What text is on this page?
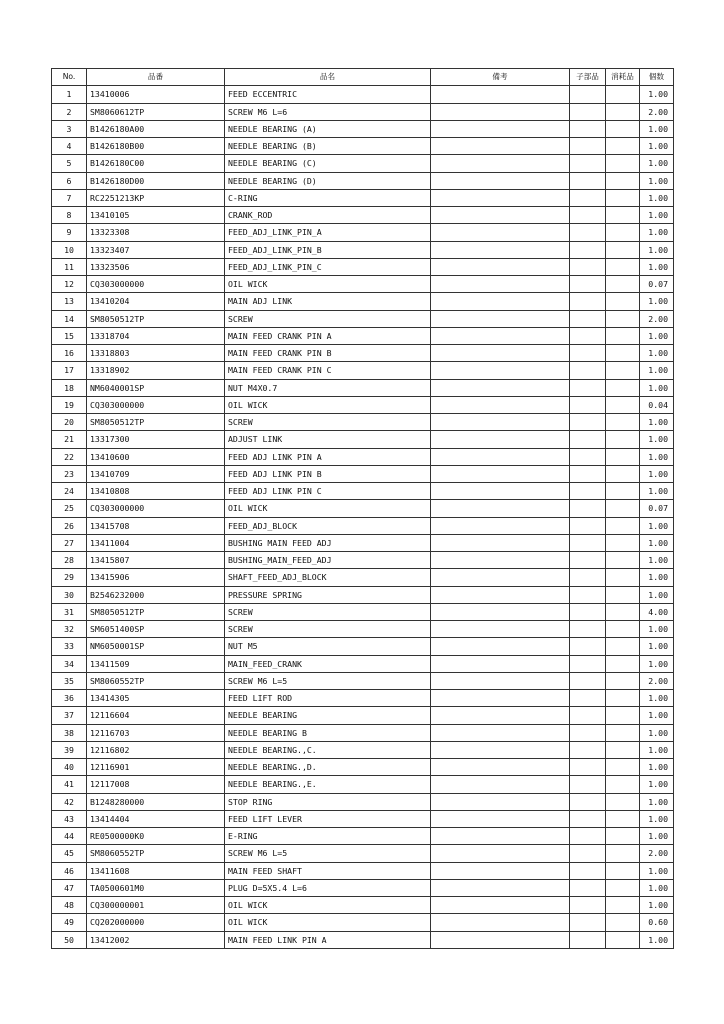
No.	品番	品名	備考	子部品	消耗品	個数
1	13410006	FEED ECCENTRIC				1.00
2	SM8060612TP	SCREW M6 L=6				2.00
3	B1426180A00	NEEDLE BEARING (A)				1.00
4	B1426180B00	NEEDLE BEARING (B)				1.00
5	B1426180C00	NEEDLE BEARING (C)				1.00
6	B1426180D00	NEEDLE BEARING (D)				1.00
7	RC2251213KP	C-RING				1.00
8	13410105	CRANK_ROD				1.00
9	13323308	FEED_ADJ_LINK_PIN_A				1.00
10	13323407	FEED_ADJ_LINK_PIN_B				1.00
11	13323506	FEED_ADJ_LINK_PIN_C				1.00
12	CQ303000000	OIL WICK				0.07
13	13410204	MAIN ADJ LINK				1.00
14	SM8050512TP	SCREW				2.00
15	13318704	MAIN FEED CRANK PIN A				1.00
16	13318803	MAIN FEED CRANK PIN B				1.00
17	13318902	MAIN FEED CRANK PIN C				1.00
18	NM6040001SP	NUT M4X0.7				1.00
19	CQ303000000	OIL WICK				0.04
20	SM8050512TP	SCREW				1.00
21	13317300	ADJUST LINK				1.00
22	13410600	FEED ADJ LINK PIN A				1.00
23	13410709	FEED ADJ LINK PIN B				1.00
24	13410808	FEED ADJ LINK PIN C				1.00
25	CQ303000000	OIL WICK				0.07
26	13415708	FEED_ADJ_BLOCK				1.00
27	13411004	BUSHING MAIN FEED ADJ				1.00
28	13415807	BUSHING_MAIN_FEED_ADJ				1.00
29	13415906	SHAFT_FEED_ADJ_BLOCK				1.00
30	B2546232000	PRESSURE SPRING				1.00
31	SM8050512TP	SCREW				4.00
32	SM6051400SP	SCREW				1.00
33	NM6050001SP	NUT M5				1.00
34	13411509	MAIN_FEED_CRANK				1.00
35	SM8060552TP	SCREW M6 L=5				2.00
36	13414305	FEED LIFT ROD				1.00
37	12116604	NEEDLE BEARING				1.00
38	12116703	NEEDLE BEARING B				1.00
39	12116802	NEEDLE BEARING.,C.				1.00
40	12116901	NEEDLE BEARING.,D.				1.00
41	12117008	NEEDLE BEARING.,E.				1.00
42	B1248280000	STOP RING				1.00
43	13414404	FEED LIFT LEVER				1.00
44	RE0500000K0	E-RING				1.00
45	SM8060552TP	SCREW M6 L=5				2.00
46	13411608	MAIN FEED SHAFT				1.00
47	TA0500601M0	PLUG D=5X5.4 L=6				1.00
48	CQ300000001	OIL WICK				1.00
49	CQ202000000	OIL WICK				0.60
50	13412002	MAIN FEED LINK PIN A				1.00
